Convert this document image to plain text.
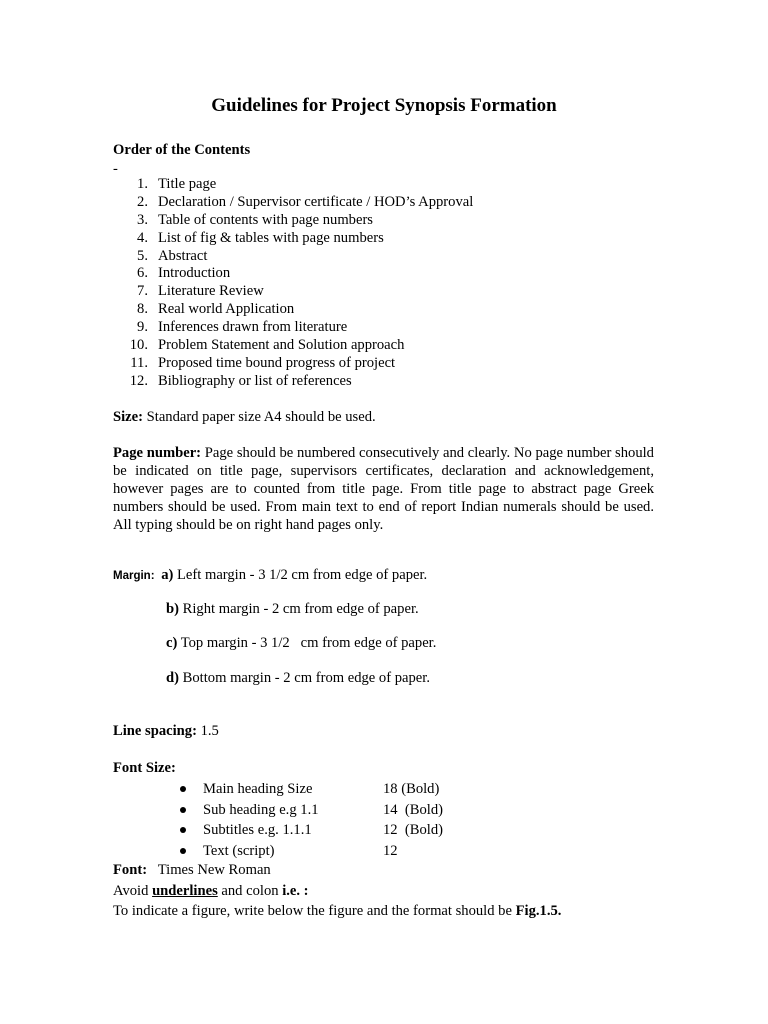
Guidelines for Project Synopsis Formation
Order of the Contents
-
1. Title page
2. Declaration / Supervisor certificate / HOD’s Approval
3. Table of contents with page numbers
4. List of fig & tables with page numbers
5. Abstract
6. Introduction
7. Literature Review
8. Real world Application
9. Inferences drawn from literature
10. Problem Statement and Solution approach
11. Proposed time bound progress of project
12. Bibliography or list of references
Size: Standard paper size A4 should be used.

Page number: Page should be numbered consecutively and clearly. No page number should be indicated on title page, supervisors certificates, declaration and acknowledgement, however pages are to counted from title page. From title page to abstract page Greek numbers should be used. From main text to end of report Indian numerals should be used. All typing should be on right hand pages only.

Margin: a) Left margin - 3 1/2 cm from edge of paper.
b) Right margin - 2 cm from edge of paper.
c) Top margin - 3 1/2   cm from edge of paper.
d) Bottom margin - 2 cm from edge of paper.
Line spacing: 1.5
Font Size:
Main heading Size	18 (Bold)
Sub heading e.g 1.1	14  (Bold)
Subtitles e.g. 1.1.1	12  (Bold)
Text (script)	12
Font:   Times New Roman
Avoid underlines and colon i.e. :
To indicate a figure, write below the figure and the format should be Fig.1.5.
